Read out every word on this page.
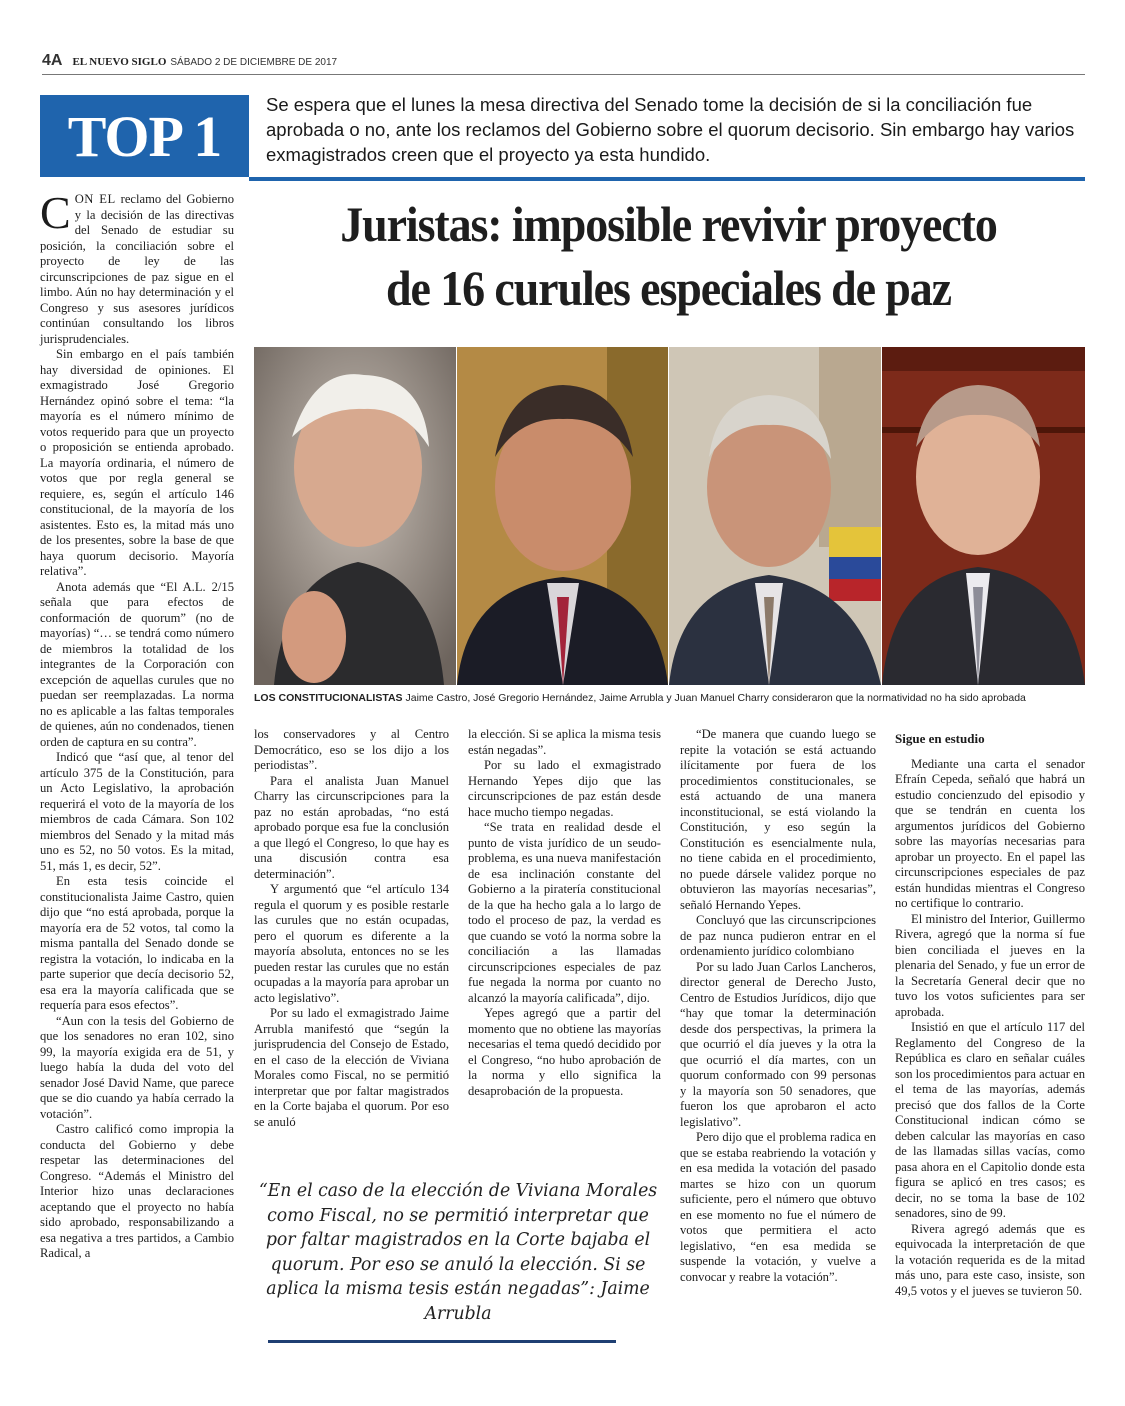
4A EL NUEVO SIGLO SÁBADO 2 DE DICIEMBRE DE 2017
TOP 1 Se espera que el lunes la mesa directiva del Senado tome la decisión de si la conciliación fue aprobada o no, ante los reclamos del Gobierno sobre el quorum decisorio. Sin embargo hay varios exmagistrados creen que el proyecto ya esta hundido.
Juristas: imposible revivir proyecto
de 16 curules especiales de paz
LOS CONSTITUCIONALISTAS Jaime Castro, José Gregorio Hernández, Jaime Arrubla y Juan Manuel Charry consideraron que la normatividad no ha sido aprobada

CON EL reclamo del Gobierno y la decisión de las directivas del Senado de estudiar su posición, la conciliación sobre el proyecto de ley de las circunscripciones de paz sigue en el limbo. Aún no hay determinación y el Congreso y sus asesores jurídicos continúan consultando los libros jurisprudenciales.

Sin embargo en el país también hay diversidad de opiniones. El exmagistrado José Gregorio Hernández opinó sobre el tema: “la mayoría es el número mínimo de votos requerido para que un proyecto o proposición se entienda aprobado. La mayoría ordinaria, el número de votos que por regla general se requiere, es, según el artículo 146 constitucional, de la mayoría de los asistentes. Esto es, la mitad más uno de los presentes, sobre la base de que haya quorum decisorio. Mayoría relativa”.

Anota además que “El A.L. 2/15 señala que para efectos de conformación de quorum” (no de mayorías) “… se tendrá como número de miembros la totalidad de los integrantes de la Corporación con excepción de aquellas curules que no puedan ser reemplazadas. La norma no es aplicable a las faltas temporales de quienes, aún no condenados, tienen orden de captura en su contra”.

Indicó que “así que, al tenor del artículo 375 de la Constitución, para un Acto Legislativo, la aprobación requerirá el voto de la mayoría de los miembros de cada Cámara. Son 102 miembros del Senado y la mitad más uno es 52, no 50 votos. Es la mitad, 51, más 1, es decir, 52”.

En esta tesis coincide el constitucionalista Jaime Castro, quien dijo que “no está aprobada, porque la mayoría era de 52 votos, tal como la misma pantalla del Senado donde se registra la votación, lo indicaba en la parte superior que decía decisorio 52, esa era la mayoría calificada que se requería para esos efectos”.

“Aun con la tesis del Gobierno de que los senadores no eran 102, sino 99, la mayoría exigida era de 51, y luego había la duda del voto del senador José David Name, que parece que se dio cuando ya había cerrado la votación”.

Castro calificó como impropia la conducta del Gobierno y debe respetar las determinaciones del Congreso. “Además el Ministro del Interior hizo unas declaraciones aceptando que el proyecto no había sido aprobado, responsabilizando a esa negativa a tres partidos, a Cambio Radical, a

los conservadores y al Centro Democrático, eso se los dijo a los periodistas”.

Para el analista Juan Manuel Charry las circunscripciones para la paz no están aprobadas, “no está aprobado porque esa fue la conclusión a que llegó el Congreso, lo que hay es una discusión contra esa determinación”.

Y argumentó que “el artículo 134 regula el quorum y es posible restarle las curules que no están ocupadas, pero el quorum es diferente a la mayoría absoluta, entonces no se les pueden restar las curules que no están ocupadas a la mayoría para aprobar un acto legislativo”.

Por su lado el exmagistrado Jaime Arrubla manifestó que “según la jurisprudencia del Consejo de Estado, en el caso de la elección de Viviana Morales como Fiscal, no se permitió interpretar que por faltar magistrados en la Corte bajaba el quorum. Por eso se anuló

la elección. Si se aplica la misma tesis están negadas”.

Por su lado el exmagistrado Hernando Yepes dijo que las circunscripciones de paz están desde hace mucho tiempo negadas.

“Se trata en realidad desde el punto de vista jurídico de un seudo-problema, es una nueva manifestación de esa inclinación constante del Gobierno a la piratería constitucional de la que ha hecho gala a lo largo de todo el proceso de paz, la verdad es que cuando se votó la norma sobre la conciliación a las llamadas circunscripciones especiales de paz fue negada la norma por cuanto no alcanzó la mayoría calificada”, dijo.

Yepes agregó que a partir del momento que no obtiene las mayorías necesarias el tema quedó decidido por el Congreso, “no hubo aprobación de la norma y ello significa la desaprobación de la propuesta.

“De manera que cuando luego se repite la votación se está actuando ilícitamente por fuera de los procedimientos constitucionales, se está actuando de una manera inconstitucional, se está violando la Constitución, y eso según la Constitución es esencialmente nula, no tiene cabida en el procedimiento, no puede dársele validez porque no obtuvieron las mayorías necesarias”, señaló Hernando Yepes.

Concluyó que las circunscripciones de paz nunca pudieron entrar en el ordenamiento jurídico colombiano

Por su lado Juan Carlos Lancheros, director general de Derecho Justo, Centro de Estudios Jurídicos, dijo que “hay que tomar la determinación desde dos perspectivas, la primera la que ocurrió el día jueves y la otra la que ocurrió el día martes, con un quorum conformado con 99 personas y la mayoría son 50 senadores, que fueron los que aprobaron el acto legislativo”.

Pero dijo que el problema radica en que se estaba reabriendo la votación y en esa medida la votación del pasado martes se hizo con un quorum suficiente, pero el número que obtuvo en ese momento no fue el número de votos que permitiera el acto legislativo, “en esa medida se suspende la votación, y vuelve a convocar y reabre la votación”.

Sigue en estudio

Mediante una carta el senador Efraín Cepeda, señaló que habrá un estudio concienzudo del episodio y que se tendrán en cuenta los argumentos jurídicos del Gobierno sobre las mayorías necesarias para aprobar un proyecto. En el papel las circunscripciones especiales de paz están hundidas mientras el Congreso no certifique lo contrario.

El ministro del Interior, Guillermo Rivera, agregó que la norma sí fue bien conciliada el jueves en la plenaria del Senado, y fue un error de la Secretaría General decir que no tuvo los votos suficientes para ser aprobada.

Insistió en que el artículo 117 del Reglamento del Congreso de la República es claro en señalar cuáles son los procedimientos para actuar en el tema de las mayorías, además precisó que dos fallos de la Corte Constitucional indican cómo se deben calcular las mayorías en caso de las llamadas sillas vacías, como pasa ahora en el Capitolio donde esta figura se aplicó en tres casos; es decir, no se toma la base de 102 senadores, sino de 99.

Rivera agregó además que es equivocada la interpretación de que la votación requerida es de la mitad más uno, para este caso, insiste, son 49,5 votos y el jueves se tuvieron 50.

“En el caso de la elección de Viviana Morales como Fiscal, no se permitió interpretar que por faltar magistrados en la Corte bajaba el quorum. Por eso se anuló la elección. Si se aplica la misma tesis están negadas”: Jaime Arrubla
